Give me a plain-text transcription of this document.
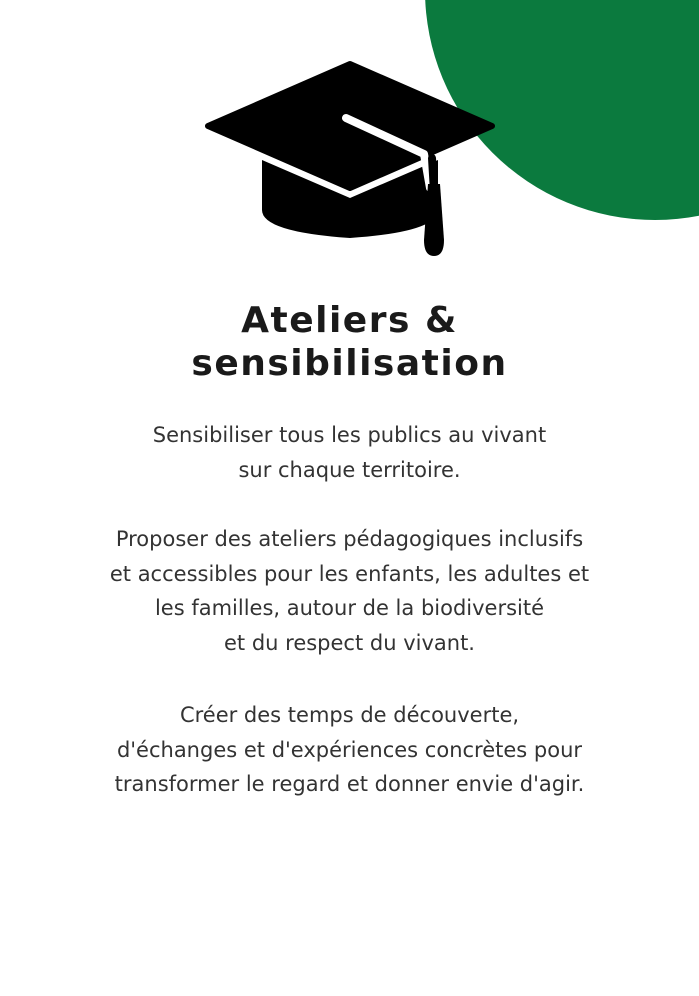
Ateliers &
sensibilisation

Sensibiliser tous les publics au vivant
sur chaque territoire.

Proposer des ateliers pédagogiques inclusifs
et accessibles pour les enfants, les adultes et
les familles, autour de la biodiversité
et du respect du vivant.

Créer des temps de découverte,
d'échanges et d'expériences concrètes pour
transformer le regard et donner envie d'agir.
